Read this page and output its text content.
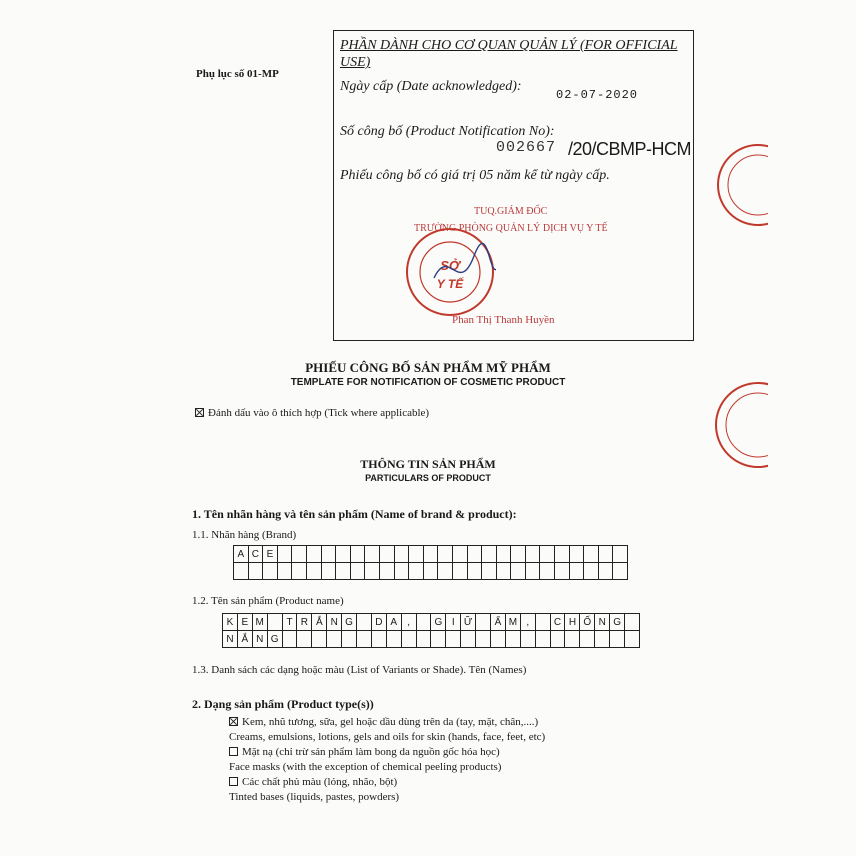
Phụ lục số 01-MP
PHẦN DÀNH CHO CƠ QUAN QUẢN LÝ (FOR OFFICIAL USE)
Ngày cấp (Date acknowledged):
02-07-2020
Số công bố (Product Notification No):
002667 /20/CBMP-HCM
Phiếu công bố có giá trị 05 năm kể từ ngày cấp.
TUQ.GIÁM ĐỐC
TRƯỞNG PHÒNG QUẢN LÝ DỊCH VỤ Y TẾ
SỞ
Y TẾ
Phan Thị Thanh Huyền
PHIẾU CÔNG BỐ SẢN PHẨM MỸ PHẨM
TEMPLATE FOR NOTIFICATION OF COSMETIC PRODUCT
Đánh dấu vào ô thích hợp (Tick where applicable)
THÔNG TIN SẢN PHẨM
PARTICULARS OF PRODUCT
1. Tên nhãn hàng và tên sản phẩm (Name of brand & product):
1.1. Nhãn hàng (Brand)
A C E
1.2. Tên sản phẩm (Product name)
K E M	T R Ắ N G	D A	,	G I Ữ	Ẩ M ,	C H Ố N G
N Ắ N G
1.3. Danh sách các dạng hoặc màu (List of Variants or Shade). Tên (Names)
2. Dạng sản phẩm (Product type(s))
Kem, nhũ tương, sữa, gel hoặc dầu dùng trên da (tay, mặt, chân,....)
Creams, emulsions, lotions, gels and oils for skin (hands, face, feet, etc)
Mặt nạ (chỉ trừ sản phẩm làm bong da nguồn gốc hóa học)
Face masks (with the exception of chemical peeling products)
Các chất phủ màu (lỏng, nhão, bột)
Tinted bases (liquids, pastes, powders)
